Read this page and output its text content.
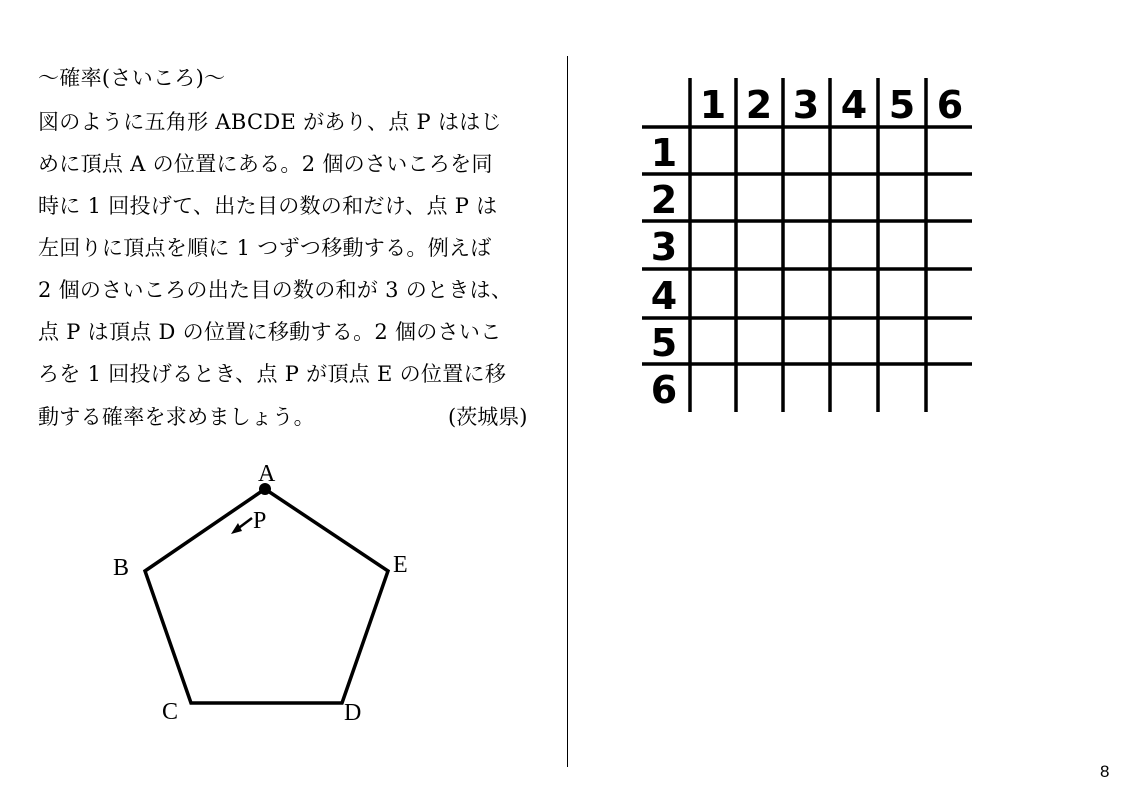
～確率(さいころ)～
図のように五角形 ABCDE があり、点 P ははじ
めに頂点 A の位置にある。2 個のさいころを同
時に 1 回投げて、出た目の数の和だけ、点 P は
左回りに頂点を順に 1 つずつ移動する。例えば
2 個のさいころの出た目の数の和が 3 のときは、
点 P は頂点 D の位置に移動する。2 個のさいこ
ろを 1 回投げるとき、点 P が頂点 E の位置に移
動する確率を求めましょう。	(茨城県)
A
P
B
C	D
E
1 2 3 4 5 6
1
2
3
4
5
6
8
